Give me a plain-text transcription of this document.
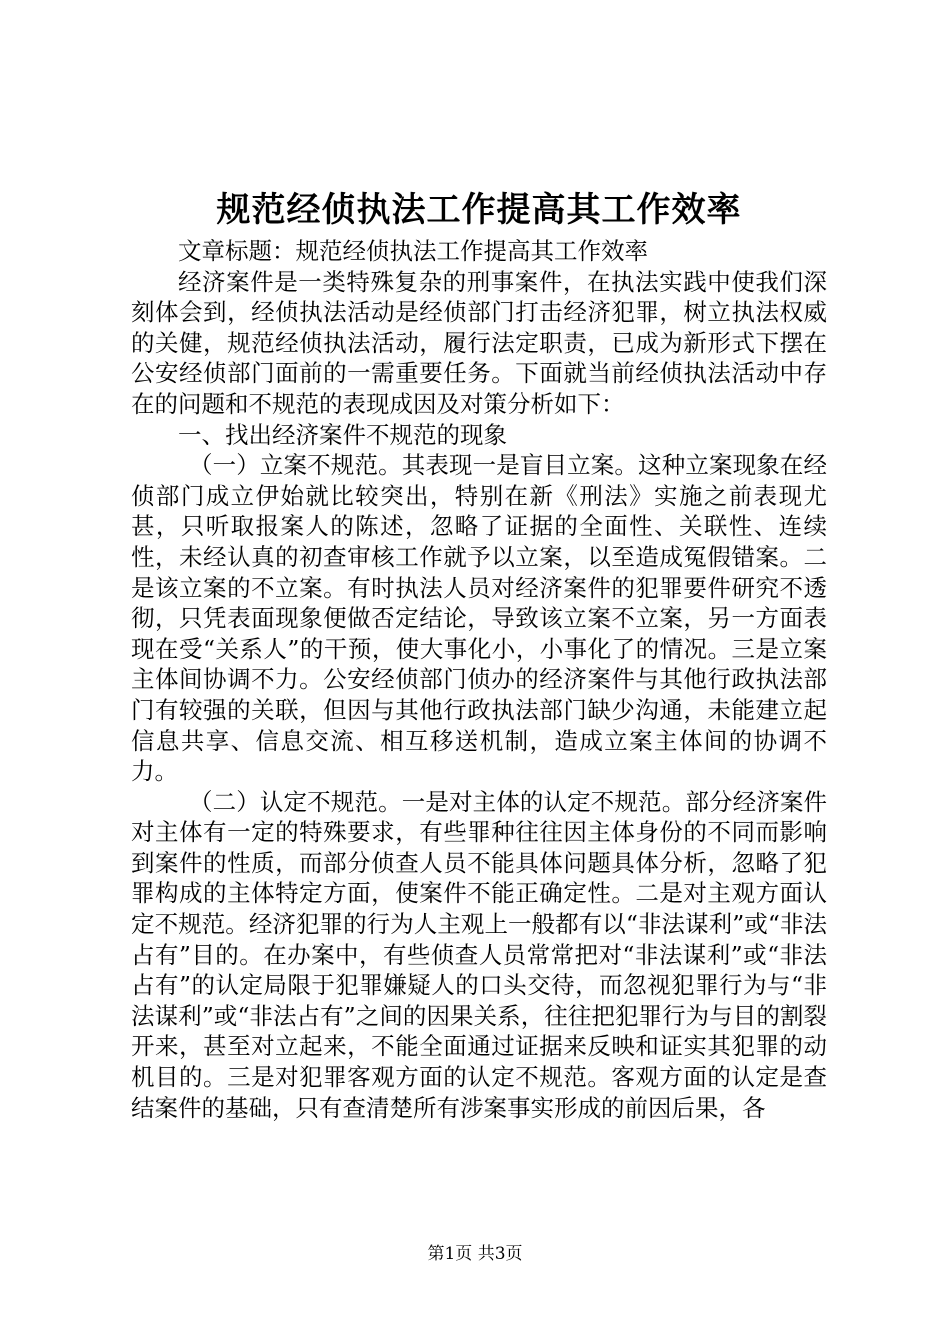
规范经侦执法工作提高其工作效率

文章标题：规范经侦执法工作提高其工作效率

经济案件是一类特殊复杂的刑事案件，在执法实践中使我们深刻体会到，经侦执法活动是经侦部门打击经济犯罪，树立执法权威的关健，规范经侦执法活动，履行法定职责，已成为新形式下摆在公安经侦部门面前的一需重要任务。下面就当前经侦执法活动中存在的问题和不规范的表现成因及对策分析如下：

一、找出经济案件不规范的现象

（一）立案不规范。其表现一是盲目立案。这种立案现象在经侦部门成立伊始就比较突出，特别在新《刑法》实施之前表现尤甚，只听取报案人的陈述，忽略了证据的全面性、关联性、连续性，未经认真的初查审核工作就予以立案，以至造成冤假错案。二是该立案的不立案。有时执法人员对经济案件的犯罪要件研究不透彻，只凭表面现象便做否定结论，导致该立案不立案，另一方面表现在受“关系人”的干预，使大事化小，小事化了的情况。三是立案主体间协调不力。公安经侦部门侦办的经济案件与其他行政执法部门有较强的关联，但因与其他行政执法部门缺少沟通，未能建立起信息共享、信息交流、相互移送机制，造成立案主体间的协调不力。

（二）认定不规范。一是对主体的认定不规范。部分经济案件对主体有一定的特殊要求，有些罪种往往因主体身份的不同而影响到案件的性质，而部分侦查人员不能具体问题具体分析，忽略了犯罪构成的主体特定方面，使案件不能正确定性。二是对主观方面认定不规范。经济犯罪的行为人主观上一般都有以“非法谋利”或“非法占有”目的。在办案中，有些侦查人员常常把对“非法谋利”或“非法占有”的认定局限于犯罪嫌疑人的口头交待，而忽视犯罪行为与“非法谋利”或“非法占有”之间的因果关系，往往把犯罪行为与目的割裂开来，甚至对立起来，不能全面通过证据来反映和证实其犯罪的动机目的。三是对犯罪客观方面的认定不规范。客观方面的认定是查结案件的基础，只有查清楚所有涉案事实形成的前因后果，各

第1页 共3页
